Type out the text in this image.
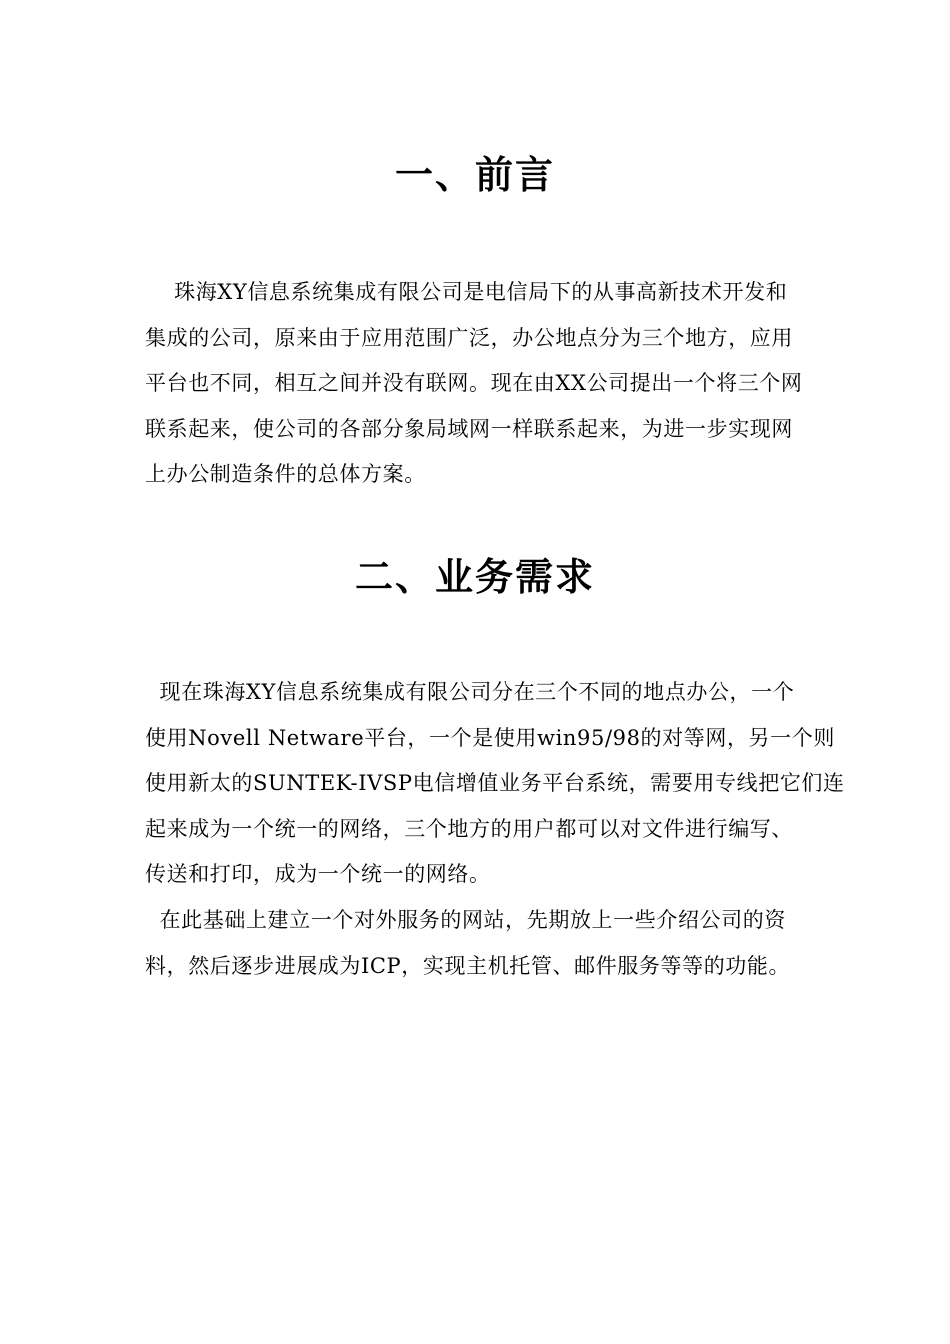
一、前言
珠海XY信息系统集成有限公司是电信局下的从事高新技术开发和
集成的公司，原来由于应用范围广泛，办公地点分为三个地方，应用
平台也不同，相互之间并没有联网。现在由XX公司提出一个将三个网
联系起来，使公司的各部分象局域网一样联系起来，为进一步实现网
上办公制造条件的总体方案。
二、业务需求
现在珠海XY信息系统集成有限公司分在三个不同的地点办公，一个
使用Novell Netware平台，一个是使用win95/98的对等网，另一个则
使用新太的SUNTEK-IVSP电信增值业务平台系统，需要用专线把它们连
起来成为一个统一的网络，三个地方的用户都可以对文件进行编写、
传送和打印，成为一个统一的网络。
在此基础上建立一个对外服务的网站，先期放上一些介绍公司的资
料，然后逐步进展成为ICP，实现主机托管、邮件服务等等的功能。
